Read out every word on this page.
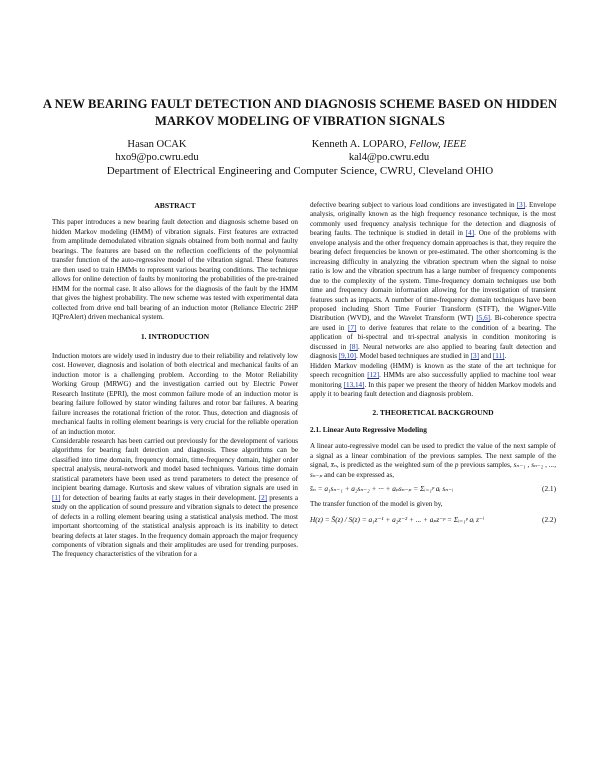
A NEW BEARING FAULT DETECTION AND DIAGNOSIS SCHEME BASED ON HIDDEN MARKOV MODELING OF VIBRATION SIGNALS
Hasan OCAK
hxo9@po.cwru.edu
Kenneth A. LOPARO, Fellow, IEEE
kal4@po.cwru.edu
Department of Electrical Engineering and Computer Science, CWRU, Cleveland OHIO
ABSTRACT

This paper introduces a new bearing fault detection and diagnosis scheme based on hidden Markov modeling (HMM) of vibration signals. First features are extracted from amplitude demodulated vibration signals obtained from both normal and faulty bearings. The features are based on the reflection coefficients of the polynomial transfer function of the auto-regressive model of the vibration signal. These features are then used to train HMMs to represent various bearing conditions. The technique allows for online detection of faults by monitoring the probabilities of the pre-trained HMM for the normal case. It also allows for the diagnosis of the fault by the HMM that gives the highest probability. The new scheme was tested with experimental data collected from drive end ball bearing of an induction motor (Reliance Electric 2HP IQPreAlert) driven mechanical system.

1. INTRODUCTION

Induction motors are widely used in industry due to their reliability and relatively low cost. However, diagnosis and isolation of both electrical and mechanical faults of an induction motor is a challenging problem. According to the Motor Reliability Working Group (MRWG) and the investigation carried out by Electric Power Research Institute (EPRI), the most common failure mode of an induction motor is bearing failure followed by stator winding failures and rotor bar failures. A bearing failure increases the rotational friction of the rotor. Thus, detection and diagnosis of mechanical faults in rolling element bearings is very crucial for the reliable operation of an induction motor.

Considerable research has been carried out previously for the development of various algorithms for bearing fault detection and diagnosis. These algorithms can be classified into time domain, frequency domain, time-frequency domain, higher order spectral analysis, neural-network and model based techniques. Various time domain statistical parameters have been used as trend parameters to detect the presence of incipient bearing damage. Kurtosis and skew values of vibration signals are used in [1] for detection of bearing faults at early stages in their development. [2] presents a study on the application of sound pressure and vibration signals to detect the presence of defects in a rolling element bearing using a statistical analysis method. The most important shortcoming of the statistical analysis approach is its inability to detect bearing defects at later stages. In the frequency domain approach the major frequency components of vibration signals and their amplitudes are used for trending purposes. The frequency characteristics of the vibration for a

defective bearing subject to various load conditions are investigated in [3]. Envelope analysis, originally known as the high frequency resonance technique, is the most commonly used frequency analysis technique for the detection and diagnosis of bearing faults. The technique is studied in detail in [4]. One of the problems with envelope analysis and the other frequency domain approaches is that, they require the bearing defect frequencies be known or pre-estimated. The other shortcoming is the increasing difficulty in analyzing the vibration spectrum when the signal to noise ratio is low and the vibration spectrum has a large number of frequency components due to the complexity of the system. Time-frequency domain techniques use both time and frequency domain information allowing for the investigation of transient features such as impacts. A number of time-frequency domain techniques have been proposed including Short Time Fourier Transform (STFT), the Wigner-Ville Distribution (WVD), and the Wavelet Transform (WT) [5,6]. Bi-coherence spectra are used in [7] to derive features that relate to the condition of a bearing. The application of bi-spectral and tri-spectral analysis in condition monitoring is discussed in [8]. Neural networks are also applied to bearing fault detection and diagnosis [9,10]. Model based techniques are studied in [3] and [11].

Hidden Markov modeling (HMM) is known as the state of the art technique for speech recognition [12]. HMMs are also successfully applied to machine tool wear monitoring [13,14]. In this paper we present the theory of hidden Markov models and apply it to bearing fault detection and diagnosis problem.

2. THEORETICAL BACKGROUND
2.1. Linear Auto Regressive Modeling

A linear auto-regressive model can be used to predict the value of the next sample of a signal as a linear combination of the previous samples. The next sample of the signal, x̄ₙ, is predicted as the weighted sum of the p previous samples, sₙ₋₁ , sₙ₋₂ , ..., sₙ₋ₚ and can be expressed as,

s̄ₙ = a₁sₙ₋₁ + a₂sₙ₋₂ + ··· + aₚsₙ₋ₚ = Σᵢ₌₁ᵖ aᵢ sₙ₋ᵢ	(2.1)

The transfer function of the model is given by,

H(z) = S̄(z) / S(z) = a₁z⁻¹ + a₂z⁻² + ... + aₚz⁻ᵖ = Σᵢ₌₁ᵖ aᵢ z⁻ⁱ	(2.2)
